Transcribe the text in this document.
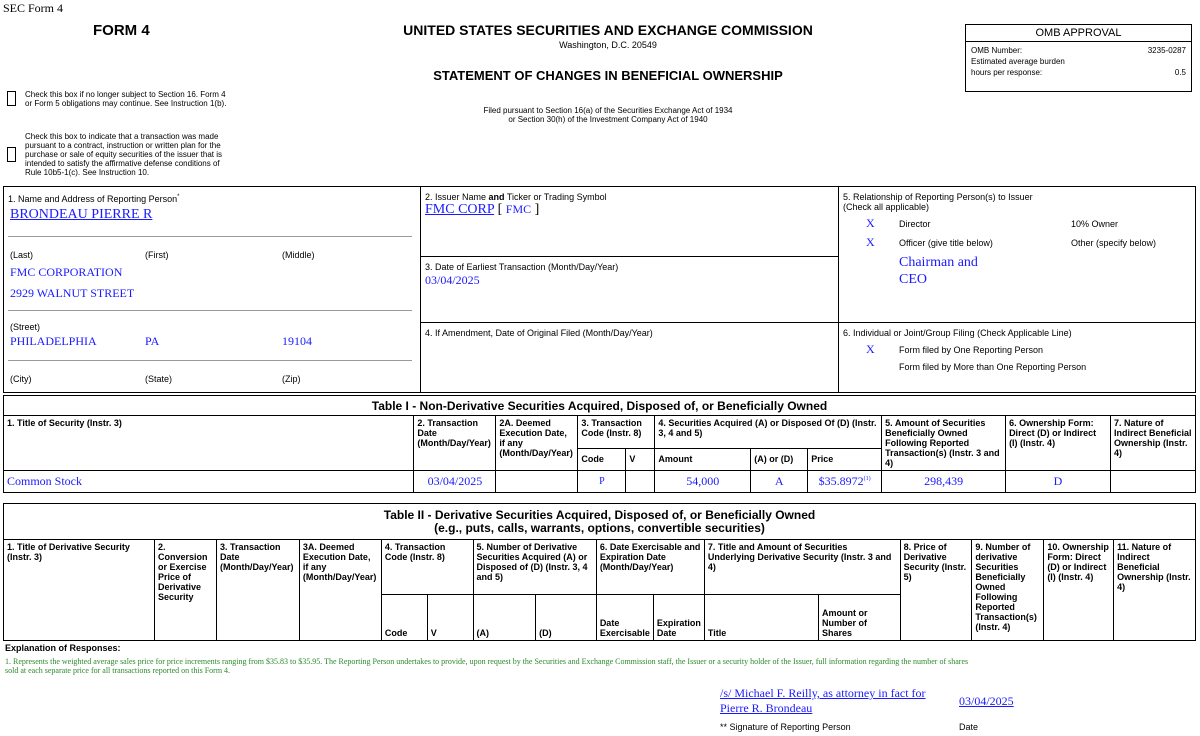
SEC Form 4
FORM 4	UNITED STATES SECURITIES AND EXCHANGE COMMISSION
Washington, D.C. 20549
STATEMENT OF CHANGES IN BENEFICIAL OWNERSHIP
Filed pursuant to Section 16(a) of the Securities Exchange Act of 1934
or Section 30(h) of the Investment Company Act of 1940
Check this box if no longer subject to Section 16. Form 4
or Form 5 obligations may continue. See Instruction 1(b).
Check this box to indicate that a transaction was made
pursuant to a contract, instruction or written plan for the
purchase or sale of equity securities of the issuer that is
intended to satisfy the affirmative defense conditions of
Rule 10b5-1(c). See Instruction 10.
OMB APPROVAL
OMB Number:	3235-0287
Estimated average burden
hours per response:	0.5
1. Name and Address of Reporting Person*
BRONDEAU PIERRE R
(Last)	(First)	(Middle)
FMC CORPORATION
2929 WALNUT STREET
(Street)
PHILADELPHIA	PA	19104
(City)	(State)	(Zip)
2. Issuer Name and Ticker or Trading Symbol
FMC CORP [ FMC ]
3. Date of Earliest Transaction (Month/Day/Year)
03/04/2025
4. If Amendment, Date of Original Filed (Month/Day/Year)
5. Relationship of Reporting Person(s) to Issuer
(Check all applicable)
X	Director	10% Owner
X	Officer (give title below)	Other (specify below)
Chairman and
CEO
6. Individual or Joint/Group Filing (Check Applicable Line)
X	Form filed by One Reporting Person
Form filed by More than One Reporting Person
Table I - Non-Derivative Securities Acquired, Disposed of, or Beneficially Owned										
1. Title of Security (Instr. 3)	2. Transaction Date (Month/Day/Year)	2A. Deemed Execution Date, if any (Month/Day/Year)	3. Transaction Code (Instr. 8)		4. Securities Acquired (A) or Disposed Of (D) (Instr. 3, 4 and 5)			5. Amount of Securities Beneficially Owned Following Reported Transaction(s) (Instr. 3 and 4)	6. Ownership Form: Direct (D) or Indirect (I) (Instr. 4)	7. Nature of Indirect Beneficial Ownership (Instr. 4)
			Code	V	Amount	(A) or (D)	Price			
Common Stock	03/04/2025		P		54,000	A	$35.8972$^{(1)}$	298,439	D	
Table II - Derivative Securities Acquired, Disposed of, or Beneficially Owned
(e.g., puts, calls, warrants, options, convertible securities)															

1. Title of Derivative Security (Instr. 3)	2. Conversion or Exercise Price of Derivative Security	3. Transaction Date (Month/Day/Year)	3A. Deemed Execution Date, if any (Month/Day/Year)	4. Transaction Code (Instr. 8)		5. Number of Derivative Securities Acquired (A) or Disposed of (D) (Instr. 3, 4 and 5)		6. Date Exercisable and Expiration Date (Month/Day/Year)		7. Title and Amount of Securities Underlying Derivative Security (Instr. 3 and 4)		8. Price of Derivative Security (Instr. 5)	9. Number of derivative Securities Beneficially Owned Following Reported Transaction(s) (Instr. 4)	10. Ownership Form: Direct (D) or Indirect (I) (Instr. 4)	11. Nature of Indirect Beneficial Ownership (Instr. 4)
				Code	V	(A)	(D)	Date Exercisable	Expiration Date	Title	Amount or Number of Shares				
Explanation of Responses:
1. Represents the weighted average sales price for price increments ranging from $35.83 to $35.95. The Reporting Person undertakes to provide, upon request by the Securities and Exchange Commission staff, the Issuer or a security holder of the Issuer, full information regarding the number of shares
sold at each separate price for all transactions reported on this Form 4.
/s/ Michael F. Reilly, as attorney in fact for
Pierre R. Brondeau	03/04/2025
** Signature of Reporting Person	Date
